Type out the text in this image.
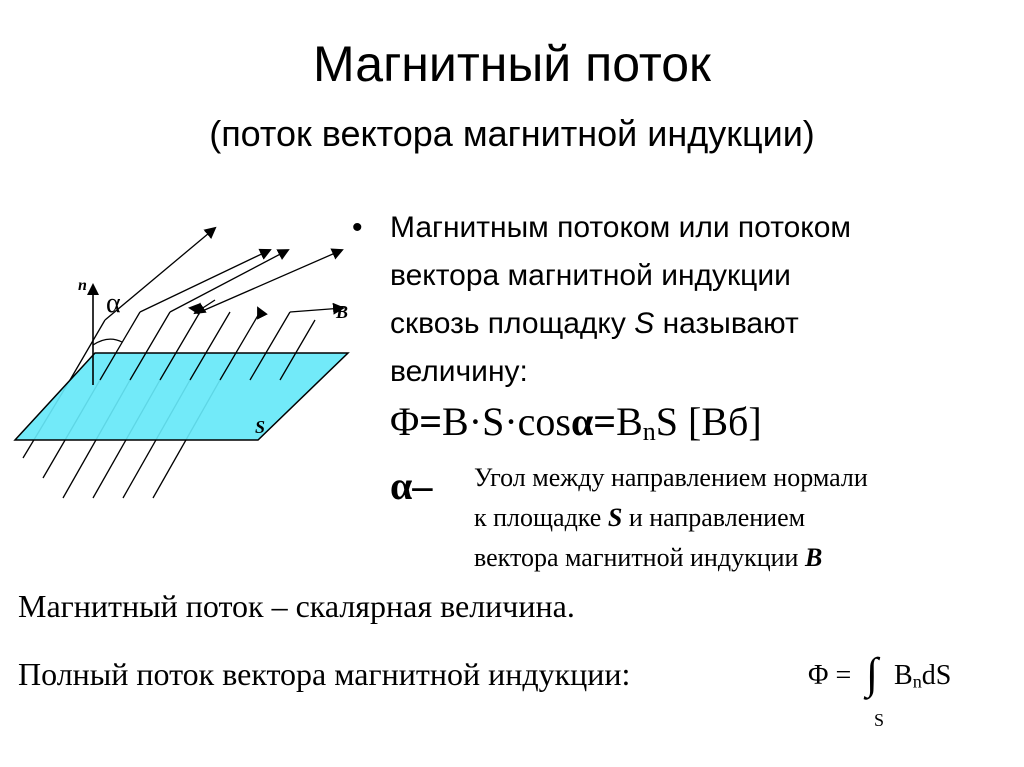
Магнитный поток
(поток вектора магнитной индукции)
n
α	B
S
• Магнитным потоком или потоком
вектора магнитной индукции
сквозь площадку S называют
величину:
$\Phi=B\cdot S\cdot\cos\alpha=B_nS$ [Вб]
α– Угол между направлением нормали
к площадке S и направлением
вектора магнитной индукции B
Магнитный поток – скалярная величина.
Полный поток вектора магнитной индукции:	Φ = ∫ $B_ndS$
S
